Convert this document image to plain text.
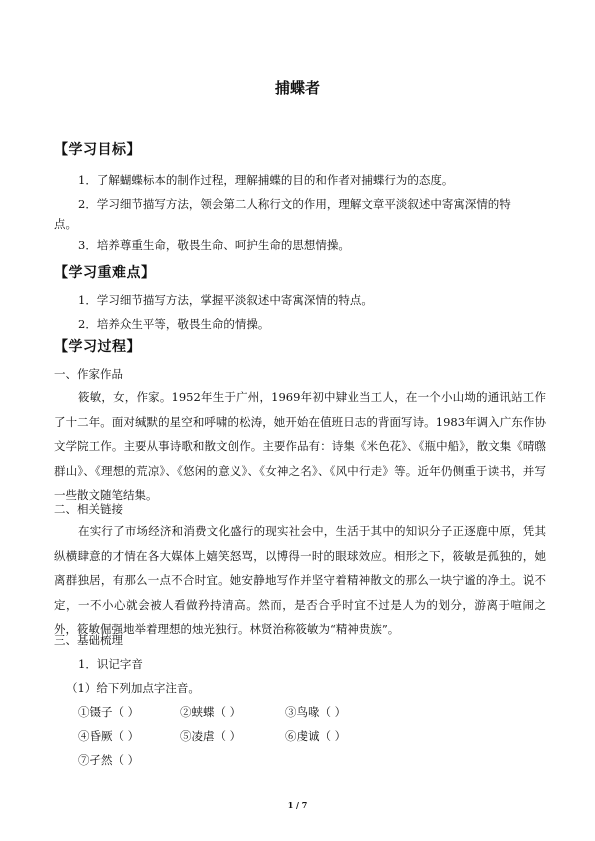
捕蝶者
【学习目标】
1．了解蝴蝶标本的制作过程，理解捕蝶的目的和作者对捕蝶行为的态度。
2．学习细节描写方法，领会第二人称行文的作用，理解文章平淡叙述中寄寓深情的特
点。
3．培养尊重生命，敬畏生命、呵护生命的思想情操。
【学习重难点】
1．学习细节描写方法，掌握平淡叙述中寄寓深情的特点。
2．培养众生平等，敬畏生命的情操。
【学习过程】
一、作家作品
筱敏，女，作家。1952年生于广州，1969年初中肄业当工人，在一个小山坳的通讯站工作了十二年。面对缄默的星空和呼啸的松涛，她开始在值班日志的背面写诗。1983年调入广东作协文学院工作。主要从事诗歌和散文创作。主要作品有：诗集《米色花》、《瓶中船》，散文集《晴㬠群山》、《理想的荒凉》、《悠闲的意义》、《女神之名》、《风中行走》等。近年仍侧重于读书，并写一些散文随笔结集。
二、相关链接
在实行了市场经济和消费文化盛行的现实社会中，生活于其中的知识分子正逐鹿中原，凭其纵横肆意的才情在各大媒体上嬉笑怒骂，以博得一时的眼球效应。相形之下，筱敏是孤独的，她离群独居，有那么一点不合时宜。她安静地写作并坚守着精神散文的那么一块宁谧的净土。说不定，一不小心就会被人看做矜持清高。然而，是否合乎时宜不过是人为的划分，游离于喧闹之外，筱敏倔强地举着理想的烛光独行。林贤治称筱敏为“精神贵族”。
三、基础梳理
1．识记字音
（1）给下列加点字注音。
①镊子（ ）	②蛱蝶（ ）	③鸟喙（ ）
④昏厥（ ）	⑤凌虐（ ）	⑥虔诚（ ）
⑦孑然（ ）
1 / 7
